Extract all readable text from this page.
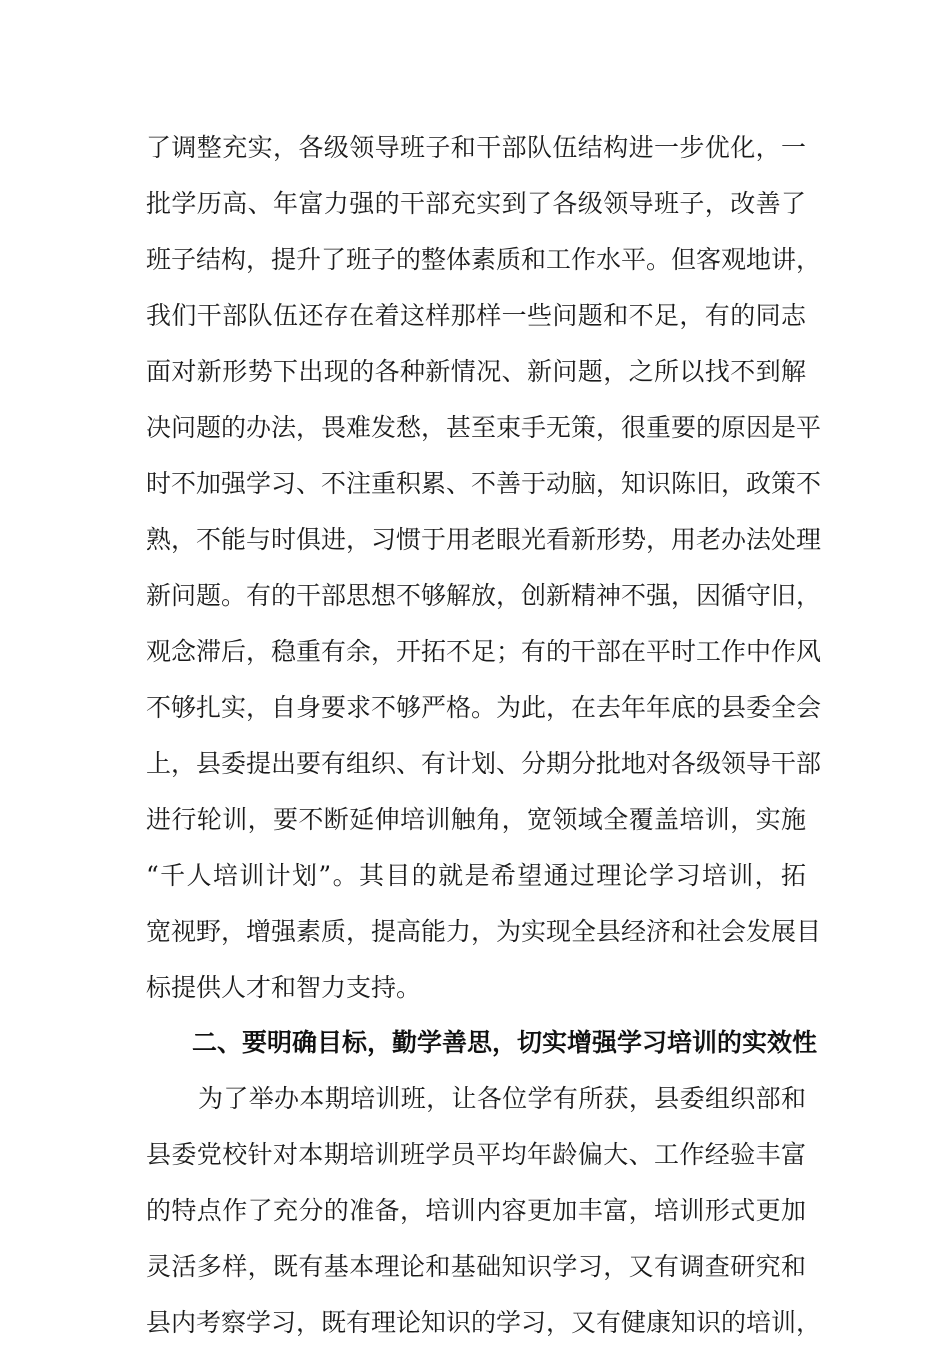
了调整充实，各级领导班子和干部队伍结构进一步优化，一
批学历高、年富力强的干部充实到了各级领导班子，改善了
班子结构，提升了班子的整体素质和工作水平。但客观地讲，
我们干部队伍还存在着这样那样一些问题和不足，有的同志
面对新形势下出现的各种新情况、新问题，之所以找不到解
决问题的办法，畏难发愁，甚至束手无策，很重要的原因是平
时不加强学习、不注重积累、不善于动脑，知识陈旧，政策不
熟，不能与时俱进，习惯于用老眼光看新形势，用老办法处理
新问题。有的干部思想不够解放，创新精神不强，因循守旧，
观念滞后，稳重有余，开拓不足；有的干部在平时工作中作风
不够扎实，自身要求不够严格。为此，在去年年底的县委全会
上，县委提出要有组织、有计划、分期分批地对各级领导干部
进行轮训，要不断延伸培训触角，宽领域全覆盖培训，实施
“千人培训计划”。其目的就是希望通过理论学习培训，拓
宽视野，增强素质，提高能力，为实现全县经济和社会发展目
标提供人才和智力支持。
二、要明确目标，勤学善思，切实增强学习培训的实效性
为了举办本期培训班，让各位学有所获，县委组织部和
县委党校针对本期培训班学员平均年龄偏大、工作经验丰富
的特点作了充分的准备，培训内容更加丰富，培训形式更加
灵活多样，既有基本理论和基础知识学习，又有调查研究和
县内考察学习，既有理论知识的学习，又有健康知识的培训，
